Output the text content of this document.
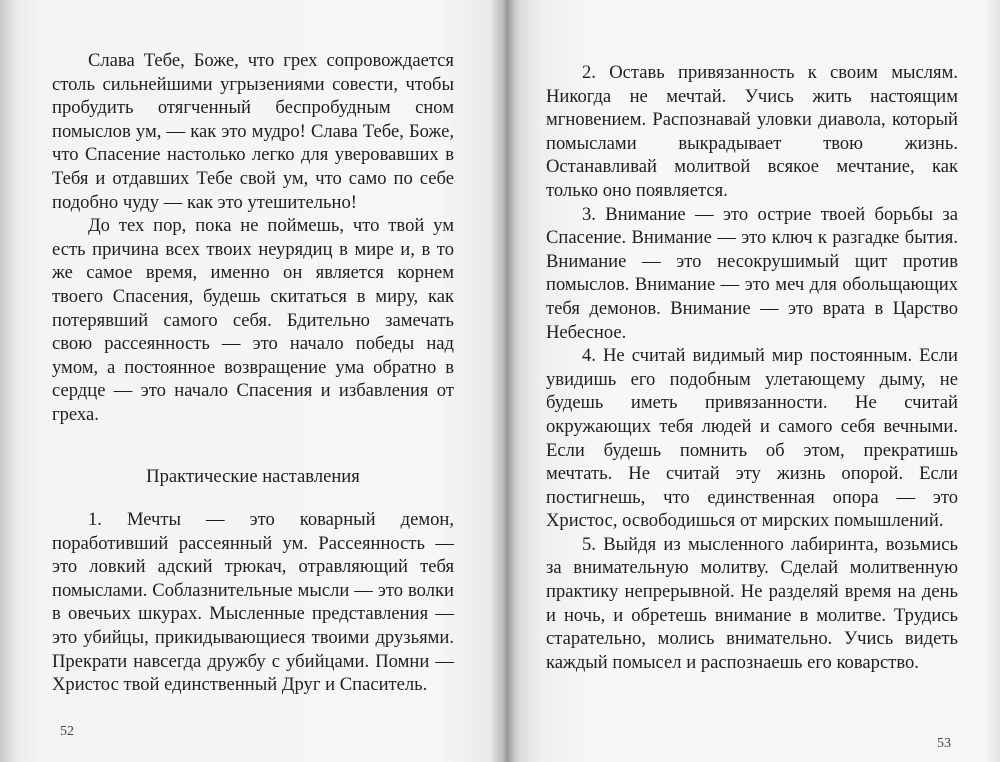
Слава Тебе, Боже, что грех сопровождается столь сильнейшими угрызениями совести, чтобы пробудить отягченный беспробудным сном помыслов ум, — как это мудро! Слава Тебе, Боже, что Спасение настолько легко для уверовавших в Тебя и отдавших Тебе свой ум, что само по себе подобно чуду — как это утешительно!

До тех пор, пока не поймешь, что твой ум есть причина всех твоих неурядиц в мире и, в то же самое время, именно он является корнем твоего Спасения, будешь скитаться в миру, как потерявший самого себя. Бдительно замечать свою рассеянность — это начало победы над умом, а постоянное возвращение ума обратно в сердце — это начало Спасения и избавления от греха.

Практические наставления

1. Мечты — это коварный демон, поработивший рассеянный ум. Рассеянность — это ловкий адский трюкач, отравляющий тебя помыслами. Соблазнительные мысли — это волки в овечьих шкурах. Мысленные представления — это убийцы, прикидывающиеся твоими друзьями. Прекрати навсегда дружбу с убийцами. Помни — Христос твой единственный Друг и Спаситель.

52

2. Оставь привязанность к своим мыслям. Никогда не мечтай. Учись жить настоящим мгновением. Распознавай уловки диавола, который помыслами выкрадывает твою жизнь. Останавливай молитвой всякое мечтание, как только оно появляется.

3. Внимание — это острие твоей борьбы за Спасение. Внимание — это ключ к разгадке бытия. Внимание — это несокрушимый щит против помыслов. Внимание — это меч для обольщающих тебя демонов. Внимание — это врата в Царство Небесное.

4. Не считай видимый мир постоянным. Если увидишь его подобным улетающему дыму, не будешь иметь привязанности. Не считай окружающих тебя людей и самого себя вечными. Если будешь помнить об этом, прекратишь мечтать. Не считай эту жизнь опорой. Если постигнешь, что единственная опора — это Христос, освободишься от мирских помышлений.

5. Выйдя из мысленного лабиринта, возьмись за внимательную молитву. Сделай молитвенную практику непрерывной. Не разделяй время на день и ночь, и обретешь внимание в молитве. Трудись старательно, молись внимательно. Учись видеть каждый помысел и распознаешь его коварство.

53
